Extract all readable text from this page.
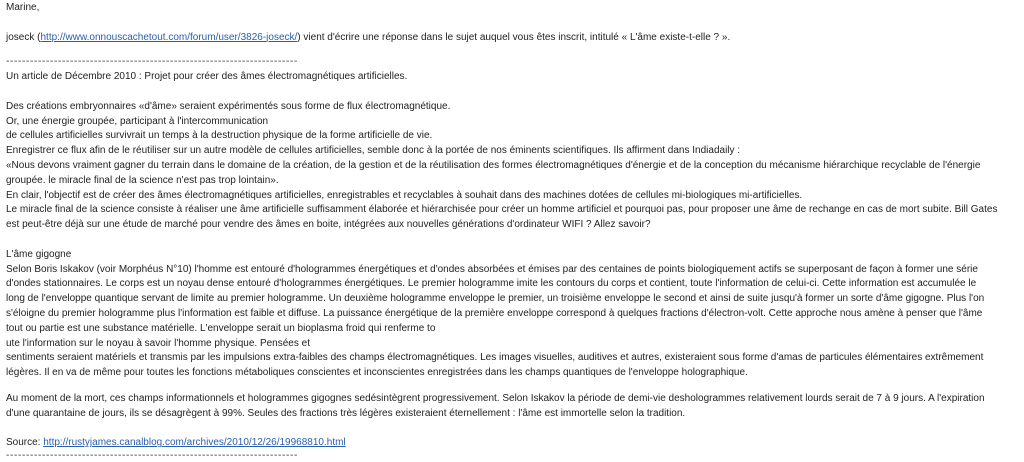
Marine,
joseck (http://www.onnouscachetout.com/forum/user/3826-joseck/) vient d'écrire une réponse dans le sujet auquel vous êtes inscrit, intitulé « L'âme existe-t-elle ? ».
-------------------------------------------------------------------------
Un article de Décembre 2010 : Projet pour créer des âmes électromagnétiques artificielles.
Des créations embryonnaires «d'âme» seraient expérimentés sous forme de flux électromagnétique.
Or, une énergie groupée, participant à l'intercommunication
de cellules artificielles survivrait un temps à la destruction physique de la forme artificielle de vie.
Enregistrer ce flux afin de le réutiliser sur un autre modèle de cellules artificielles, semble donc à la portée de nos éminents scientifiques. Ils affirment dans Indiadaily :
«Nous devons vraiment gagner du terrain dans le domaine de la création, de la gestion et de la réutilisation des formes électromagnétiques d'énergie et de la conception du mécanisme hiérarchique recyclable de l'énergie
groupée. le miracle final de la science n'est pas trop lointain».
En clair, l'objectif est de créer des âmes électromagnétiques artificielles, enregistrables et recyclables à souhait dans des machines dotées de cellules mi-biologiques mi-artificielles.
Le miracle final de la science consiste à réaliser une âme artificielle suffisamment élaborée et hiérarchisée pour créer un homme artificiel et pourquoi pas, pour proposer une âme de rechange en cas de mort subite. Bill Gates
est peut-être déjà sur une étude de marché pour vendre des âmes en boite, intégrées aux nouvelles générations d'ordinateur WIFI ? Allez savoir?
L'âme gigogne
Selon Boris Iskakov (voir Morphéus N°10) l'homme est entouré d'hologrammes énergétiques et d'ondes absorbées et émises par des centaines de points biologiquement actifs se superposant de façon à former une série
d'ondes stationnaires. Le corps est un noyau dense entouré d'hologrammes énergétiques. Le premier hologramme imite les contours du corps et contient, toute l'information de celui-ci. Cette information est accumulée le
long de l'enveloppe quantique servant de limite au premier hologramme. Un deuxième hologramme enveloppe le premier, un troisième enveloppe le second et ainsi de suite jusqu'à former un sorte d'âme gigogne. Plus l'on
s'éloigne du premier hologramme plus l'information est faible et diffuse. La puissance énergétique de la première enveloppe correspond à quelques fractions d'électron-volt. Cette approche nous amène à penser que l'âme
tout ou partie est une substance matérielle. L'enveloppe serait un bioplasma froid qui renferme to
ute l'information sur le noyau à savoir l'homme physique. Pensées et
sentiments seraient matériels et transmis par les impulsions extra-faibles des champs électromagnétiques. Les images visuelles, auditives et autres, existeraient sous forme d'amas de particules élémentaires extrêmement
légères. Il en va de même pour toutes les fonctions métaboliques conscientes et inconscientes enregistrées dans les champs quantiques de l'enveloppe holographique.
Au moment de la mort, ces champs informationnels et hologrammes gigognes sedésintègrent progressivement. Selon Iskakov la période de demi-vie deshologrammes relativement lourds serait de 7 à 9 jours. A l'expiration
d'une quarantaine de jours, ils se désagrègent à 99%. Seules des fractions très légères existeraient éternellement : l'âme est immortelle selon la tradition.
Source: http://rustyjames.canalblog.com/archives/2010/12/26/19968810.html
-------------------------------------------------------------------------
